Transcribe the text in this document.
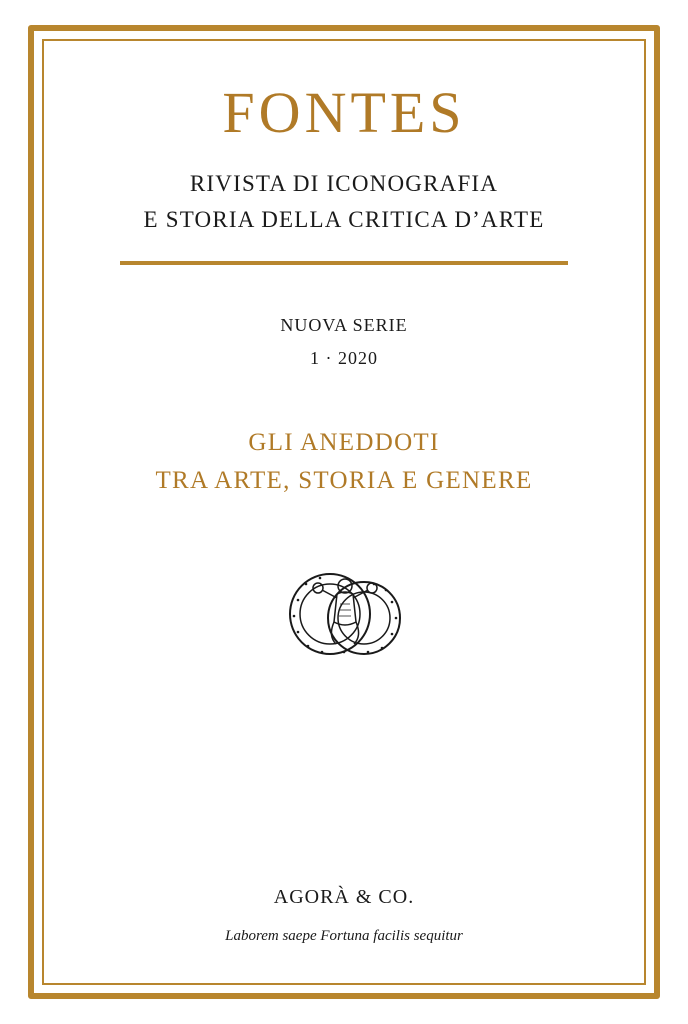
FONTES
RIVISTA DI ICONOGRAFIA
E STORIA DELLA CRITICA D’ARTE
NUOVA SERIE
1 · 2020
GLI ANEDDOTI
TRA ARTE, STORIA E GENERE
AGORÀ & CO.
Laborem saepe Fortuna facilis sequitur
